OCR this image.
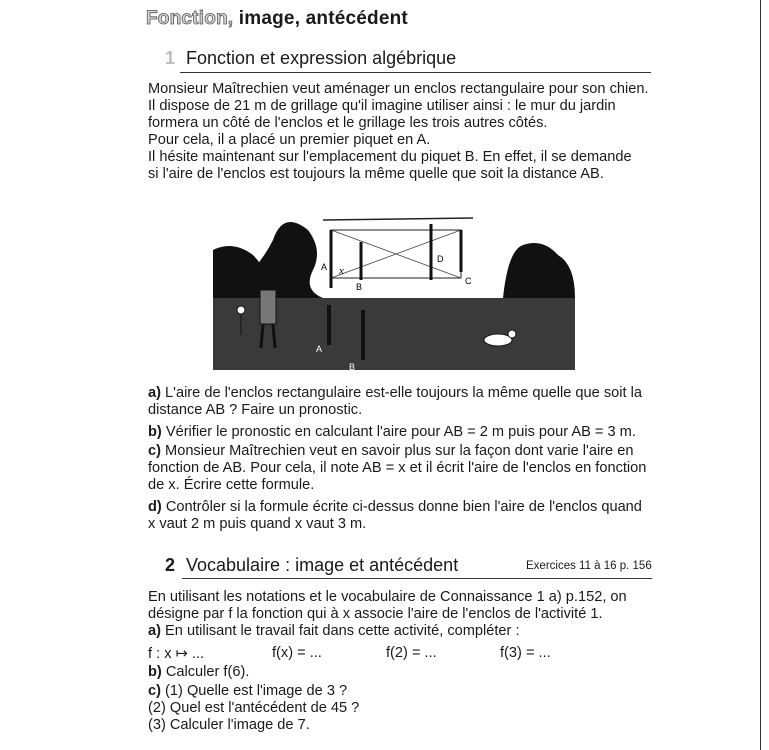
Fonction, image, antécédent
1 Fonction et expression algébrique
Monsieur Maîtrechien veut aménager un enclos rectangulaire pour son chien.
Il dispose de 21 m de grillage qu'il imagine utiliser ainsi : le mur du jardin
formera un côté de l'enclos et le grillage les trois autres côtés.
Pour cela, il a placé un premier piquet en A.
Il hésite maintenant sur l'emplacement du piquet B. En effet, il se demande
si l'aire de l'enclos est toujours la même quelle que soit la distance AB.
A x
B
D
C
A
B
a) L'aire de l'enclos rectangulaire est-elle toujours la même quelle que soit la
distance AB ? Faire un pronostic.
b) Vérifier le pronostic en calculant l'aire pour AB = 2 m puis pour AB = 3 m.
c) Monsieur Maîtrechien veut en savoir plus sur la façon dont varie l'aire en
fonction de AB. Pour cela, il note AB = x et il écrit l'aire de l'enclos en fonction
de x. Écrire cette formule.
d) Contrôler si la formule écrite ci-dessus donne bien l'aire de l'enclos quand
x vaut 2 m puis quand x vaut 3 m.
2 Vocabulaire : image et antécédent	Exercices 11 à 16 p. 156
En utilisant les notations et le vocabulaire de Connaissance 1 a) p.152, on
désigne par f la fonction qui à x associe l'aire de l'enclos de l'activité 1.
a) En utilisant le travail fait dans cette activité, compléter :
f : x ↦ ...	f(x) = ...	f(2) = ...	f(3) = ...
b) Calculer f(6).
c) (1) Quelle est l'image de 3 ?
(2) Quel est l'antécédent de 45 ?
(3) Calculer l'image de 7.
